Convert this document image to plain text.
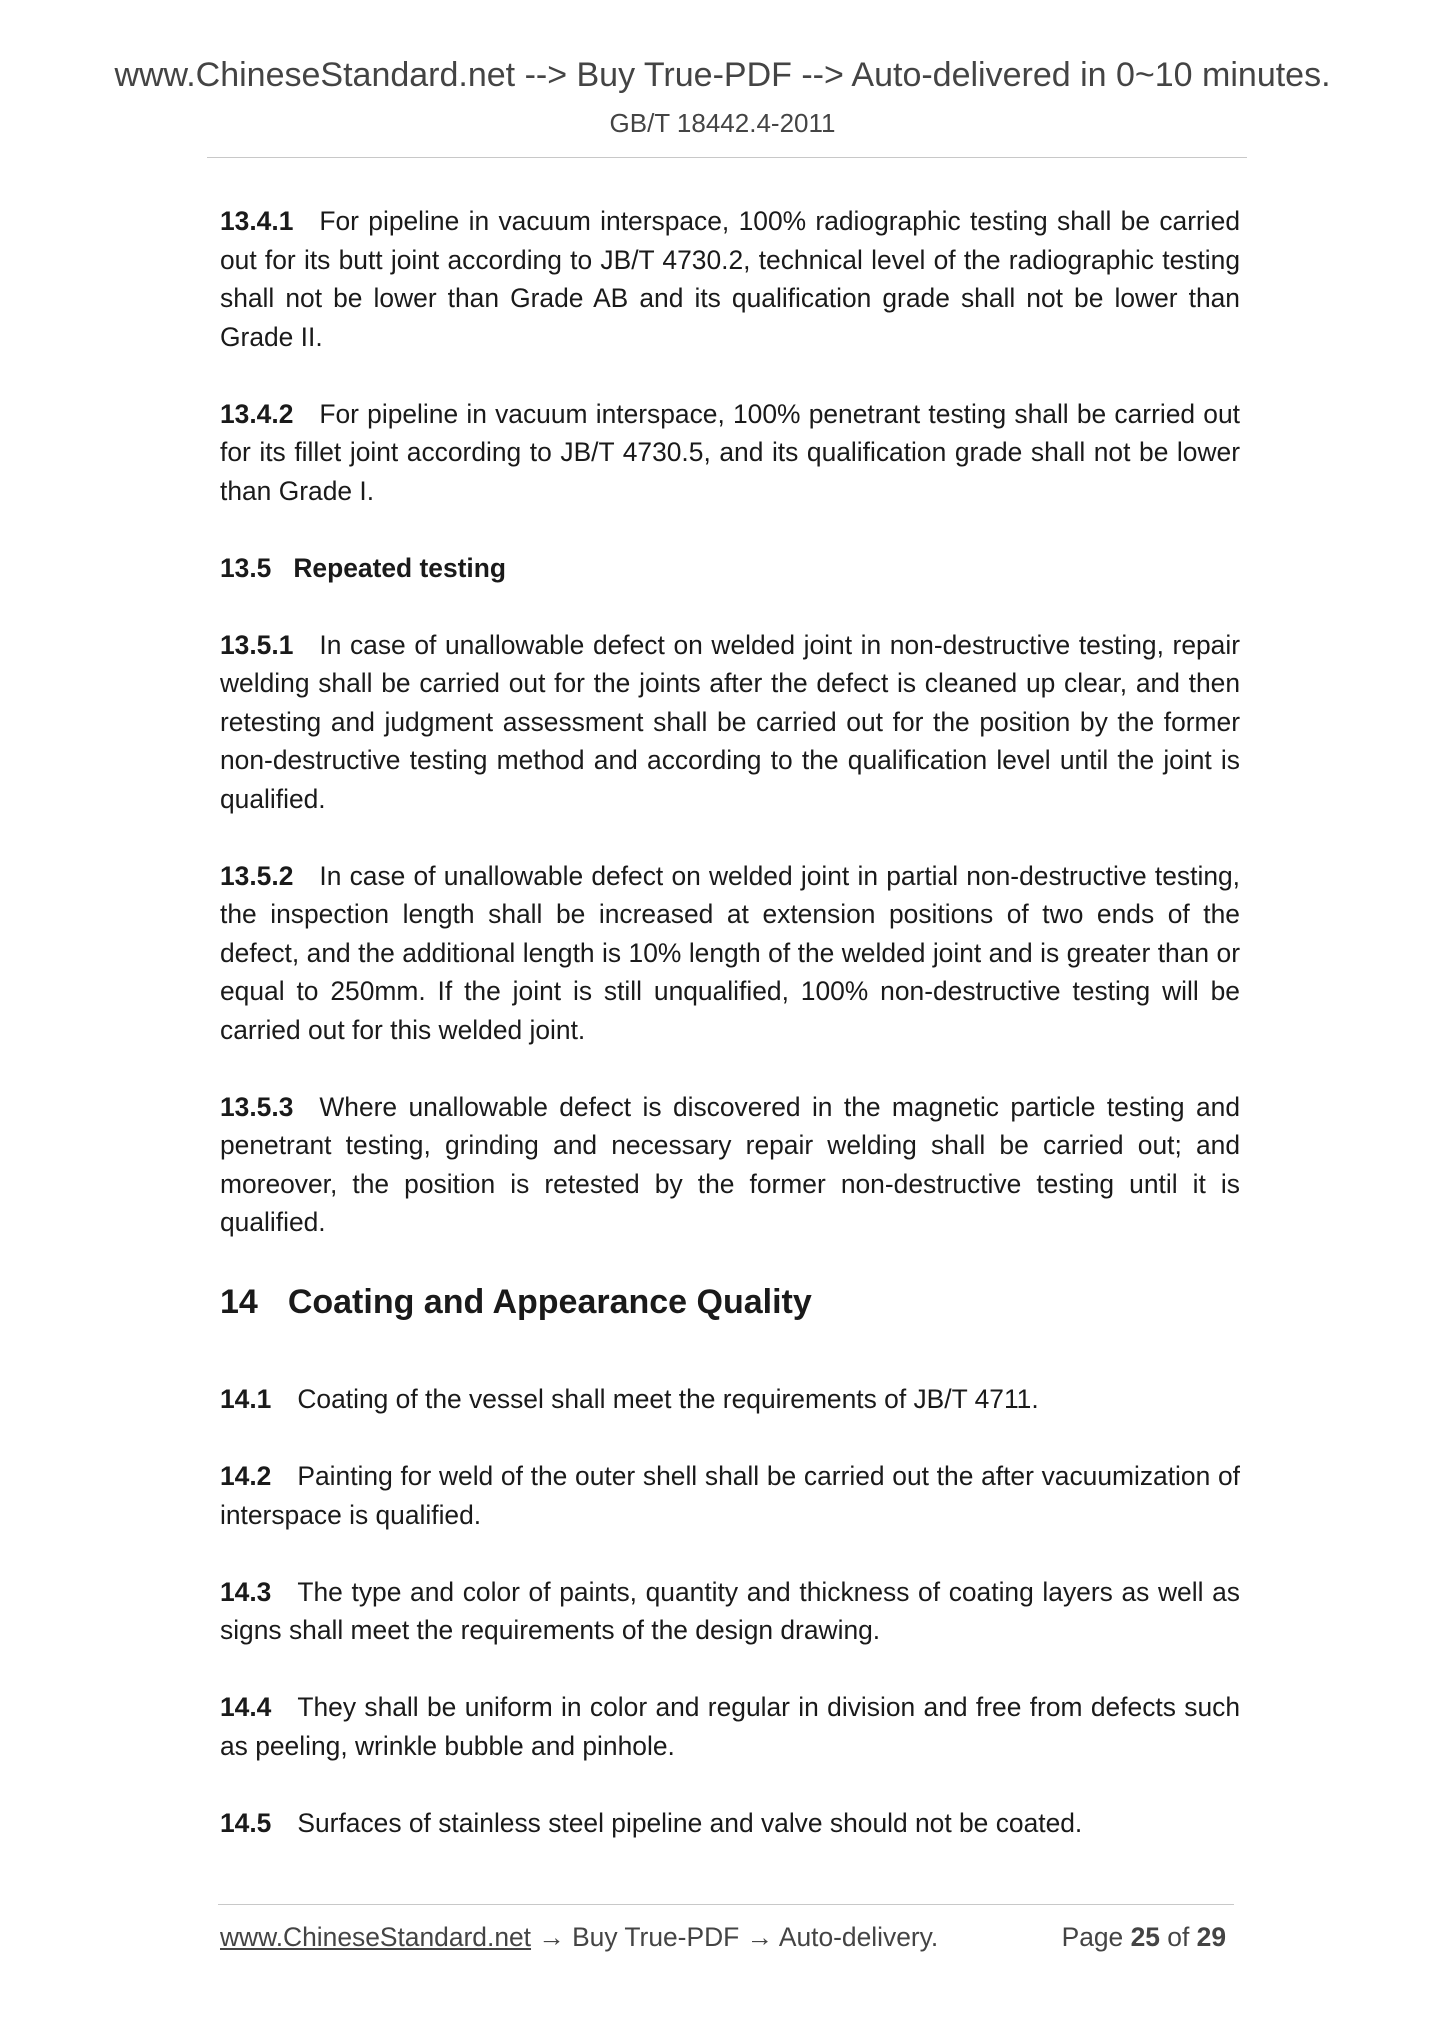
www.ChineseStandard.net --> Buy True-PDF --> Auto-delivered in 0~10 minutes.
GB/T 18442.4-2011

13.4.1 For pipeline in vacuum interspace, 100% radiographic testing shall be carried out for its butt joint according to JB/T 4730.2, technical level of the radiographic testing shall not be lower than Grade AB and its qualification grade shall not be lower than Grade II.

13.4.2 For pipeline in vacuum interspace, 100% penetrant testing shall be carried out for its fillet joint according to JB/T 4730.5, and its qualification grade shall not be lower than Grade I.

13.5 Repeated testing

13.5.1 In case of unallowable defect on welded joint in non-destructive testing, repair welding shall be carried out for the joints after the defect is cleaned up clear, and then retesting and judgment assessment shall be carried out for the position by the former non-destructive testing method and according to the qualification level until the joint is qualified.

13.5.2 In case of unallowable defect on welded joint in partial non-destructive testing, the inspection length shall be increased at extension positions of two ends of the defect, and the additional length is 10% length of the welded joint and is greater than or equal to 250mm. If the joint is still unqualified, 100% non-destructive testing will be carried out for this welded joint.

13.5.3 Where unallowable defect is discovered in the magnetic particle testing and penetrant testing, grinding and necessary repair welding shall be carried out; and moreover, the position is retested by the former non-destructive testing until it is qualified.

14 Coating and Appearance Quality

14.1 Coating of the vessel shall meet the requirements of JB/T 4711.

14.2 Painting for weld of the outer shell shall be carried out the after vacuumization of interspace is qualified.

14.3 The type and color of paints, quantity and thickness of coating layers as well as signs shall meet the requirements of the design drawing.

14.4 They shall be uniform in color and regular in division and free from defects such as peeling, wrinkle bubble and pinhole.

14.5 Surfaces of stainless steel pipeline and valve should not be coated.

www.ChineseStandard.net → Buy True-PDF → Auto-delivery.	Page 25 of 29
